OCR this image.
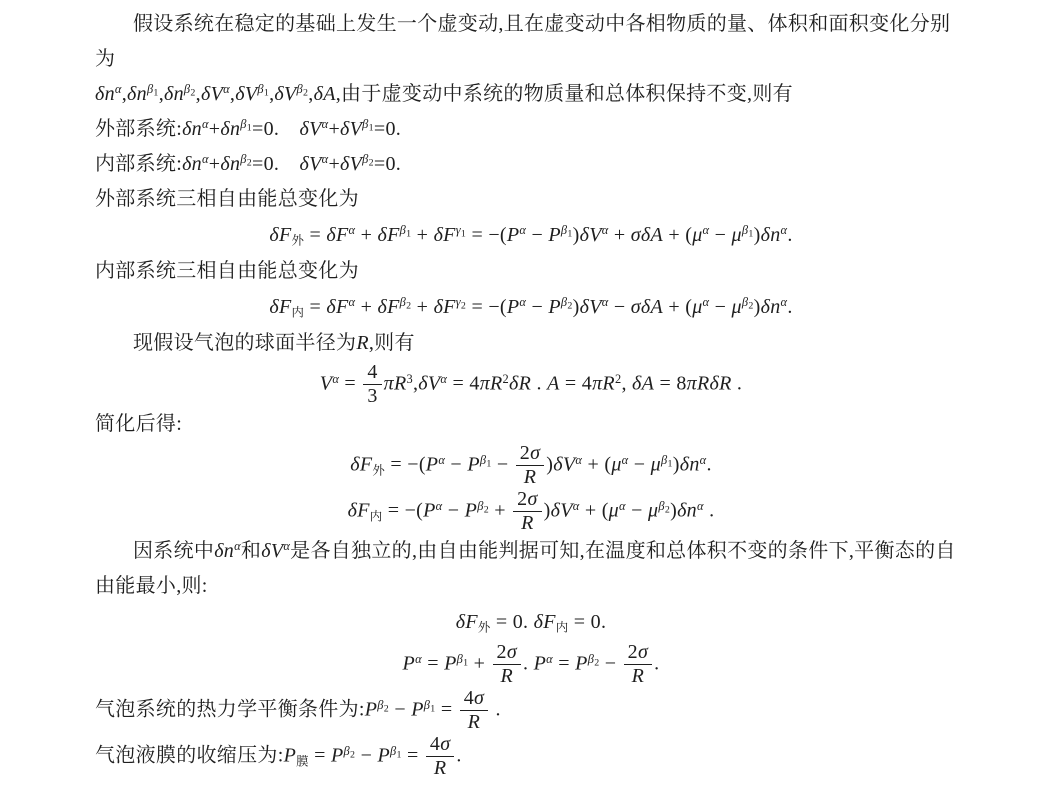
假设系统在稳定的基础上发生一个虚变动,且在虚变动中各相物质的量、体积和面积变化分别为
$\delta n^\alpha,\delta n^{\beta_1},\delta n^{\beta_2},\delta V^\alpha,\delta V^{\beta_1},\delta V^{\beta_2},\delta A$,由于虚变动中系统的物质量和总体积保持不变,则有
外部系统$:\delta n^\alpha+\delta n^{\beta_1}=0$. $\delta V^\alpha+\delta V^{\beta_1}=0$.
内部系统$:\delta n^\alpha+\delta n^{\beta_2}=0$. $\delta V^\alpha+\delta V^{\beta_2}=0$.
外部系统三相自由能总变化为
$\delta F_外 = \delta F^\alpha + \delta F^{\beta_1} + \delta F^{\gamma_1} = -(P^\alpha - P^{\beta_1})\delta V^\alpha + \sigma\delta A + (\mu^\alpha - \mu^{\beta_1})\delta n^\alpha$.
内部系统三相自由能总变化为
$\delta F_内 = \delta F^\alpha + \delta F^{\beta_2} + \delta F^{\gamma_2} = -(P^\alpha - P^{\beta_2})\delta V^\alpha - \sigma\delta A + (\mu^\alpha - \mu^{\beta_2})\delta n^\alpha$.
现假设气泡的球面半径为R,则有
$V^\alpha = \frac{4}{3} \pi R^3,\delta V^\alpha = 4\pi R^2\delta R$ . $A = 4\pi R^2$, δA = 8πRδR .
简化后得:
$\delta F_外 = -(P^\alpha - P^{\beta_1} - \frac{2\sigma}{R} )\delta V^\alpha + (\mu^\alpha - \mu^{\beta_1})\delta n^\alpha$.
$\delta F_内 = -(P^\alpha - P^{\beta_2} + \frac{2\sigma}{R} )\delta V^\alpha + (\mu^\alpha - \mu^{\beta_2})\delta n^\alpha$ .
因系统中$\delta n^\alpha$和$\delta V^\alpha$是各自独立的,由自由能判据可知,在温度和总体积不变的条件下,平衡态的自由能最小,则:
$\delta F_外 = 0$. $\delta F_内 = 0$.
$P^\alpha = P^{\beta_1} + \frac{2\sigma}{R}$ . $P^\alpha = P^{\beta_2} - \frac{2\sigma}{R}$ .
气泡系统的热力学平衡条件为$:P^{\beta_2} - P^{\beta_1} = \frac{4\sigma}{R}$ .
气泡液膜的收缩压为$:P_膜 = P^{\beta_2} - P^{\beta_1} = \frac{4\sigma}{R}$ .
